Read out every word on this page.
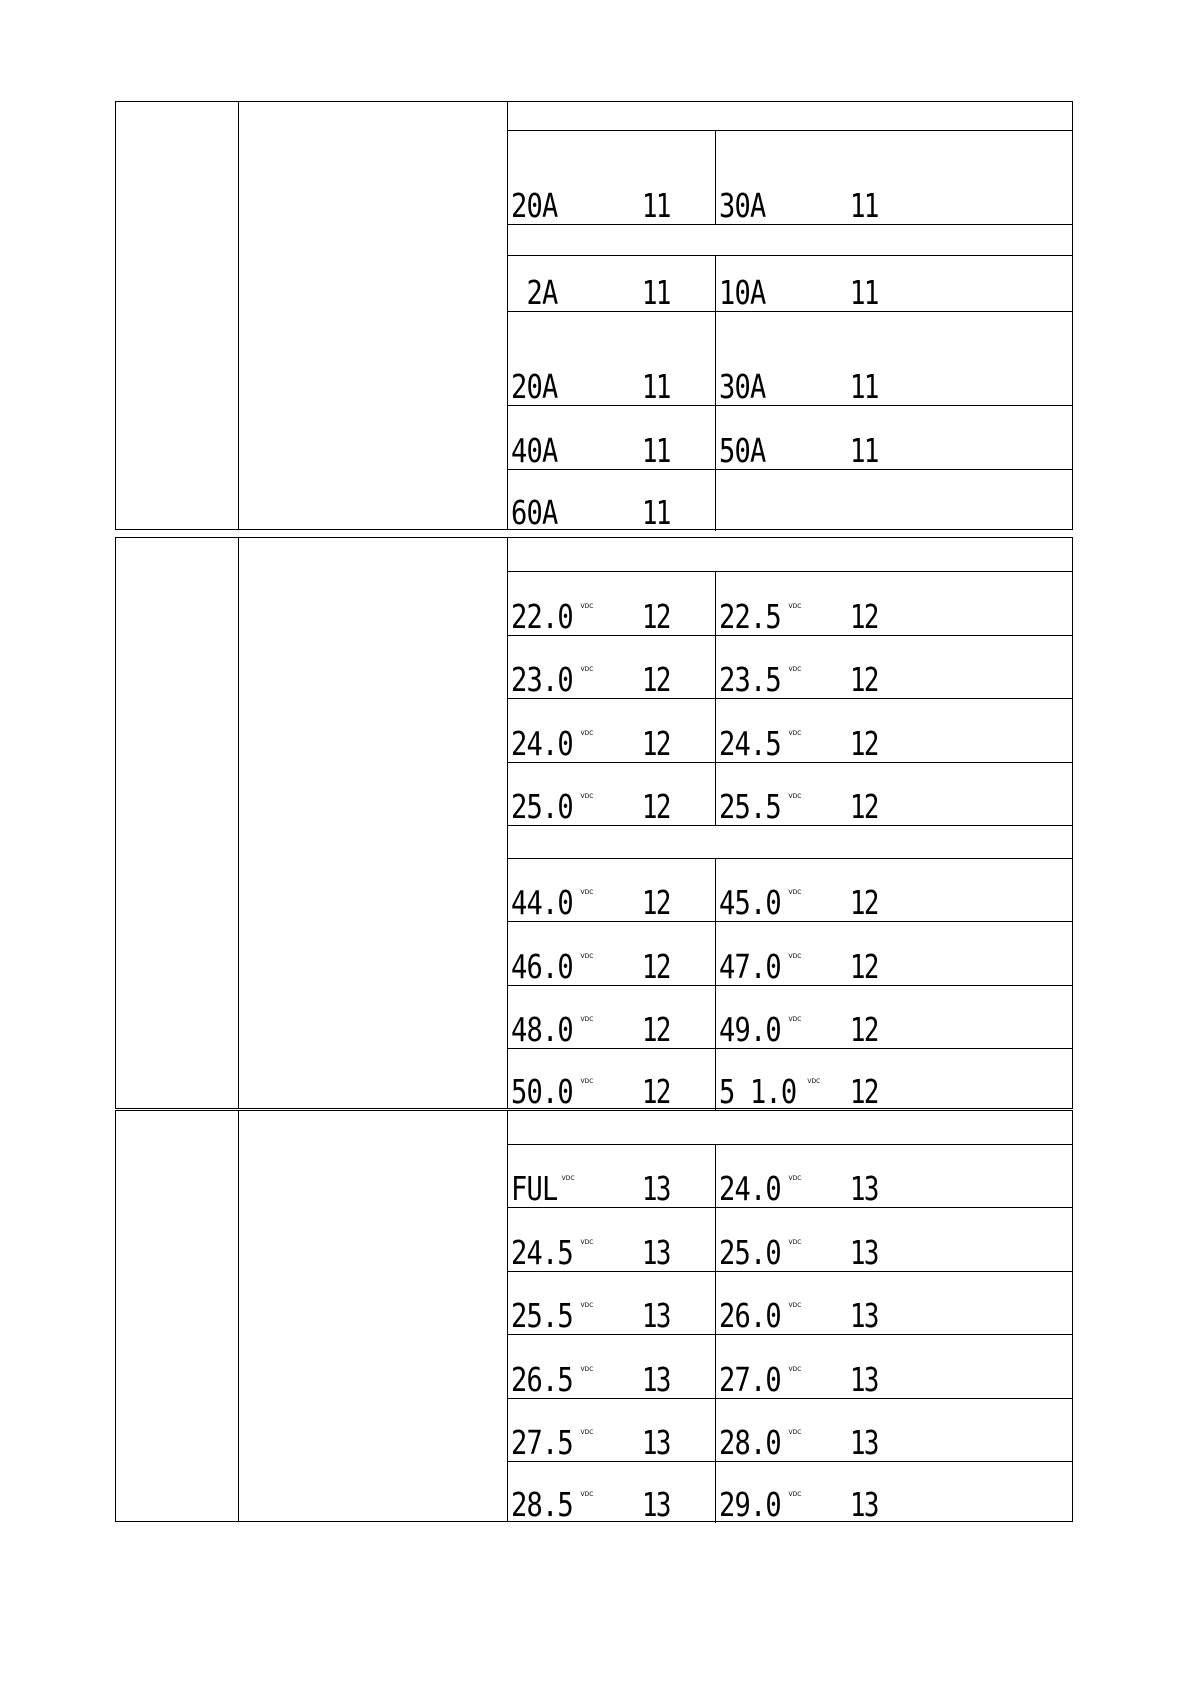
20A	11 30A	11
2A	11 10A	11
20A	11 30A	11
40A	11 50A	11
60A	11
22.0 VDC 12 22.5 VDC 12
23.0 VDC 12 23.5 VDC 12
24.0 VDC 12 24.5 VDC 12
25.0 VDC 12 25.5 VDC 12
44.0 VDC 12 45.0 VDC 12
46.0 VDC 12 47.0 VDC 12
48.0 VDC 12 49.0 VDC 12
50.0 VDC 12 5 1.0 VDC 12
FUL VDC 13 24.0 VDC 13
24.5 VDC 13 25.0 VDC 13
25.5 VDC 13 26.0 VDC 13
26.5 VDC 13 27.0 VDC 13
27.5 VDC 13 28.0 VDC 13
28.5 VDC 13 29.0 VDC 13
